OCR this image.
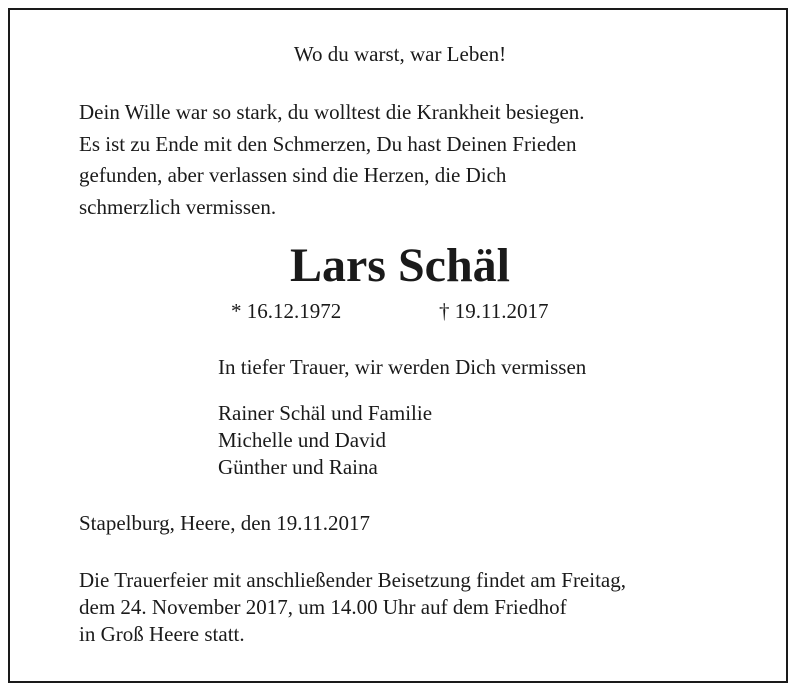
Wo du warst, war Leben!
Dein Wille war so stark, du wolltest die Krankheit besiegen.
Es ist zu Ende mit den Schmerzen, Du hast Deinen Frieden
gefunden, aber verlassen sind die Herzen, die Dich
schmerzlich vermissen.
Lars Schäl
* 16.12.1972	† 19.11.2017
In tiefer Trauer, wir werden Dich vermissen
Rainer Schäl und Familie
Michelle und David
Günther und Raina
Stapelburg, Heere, den 19.11.2017
Die Trauerfeier mit anschließender Beisetzung findet am Freitag,
dem 24. November 2017, um 14.00 Uhr auf dem Friedhof
in Groß Heere statt.
